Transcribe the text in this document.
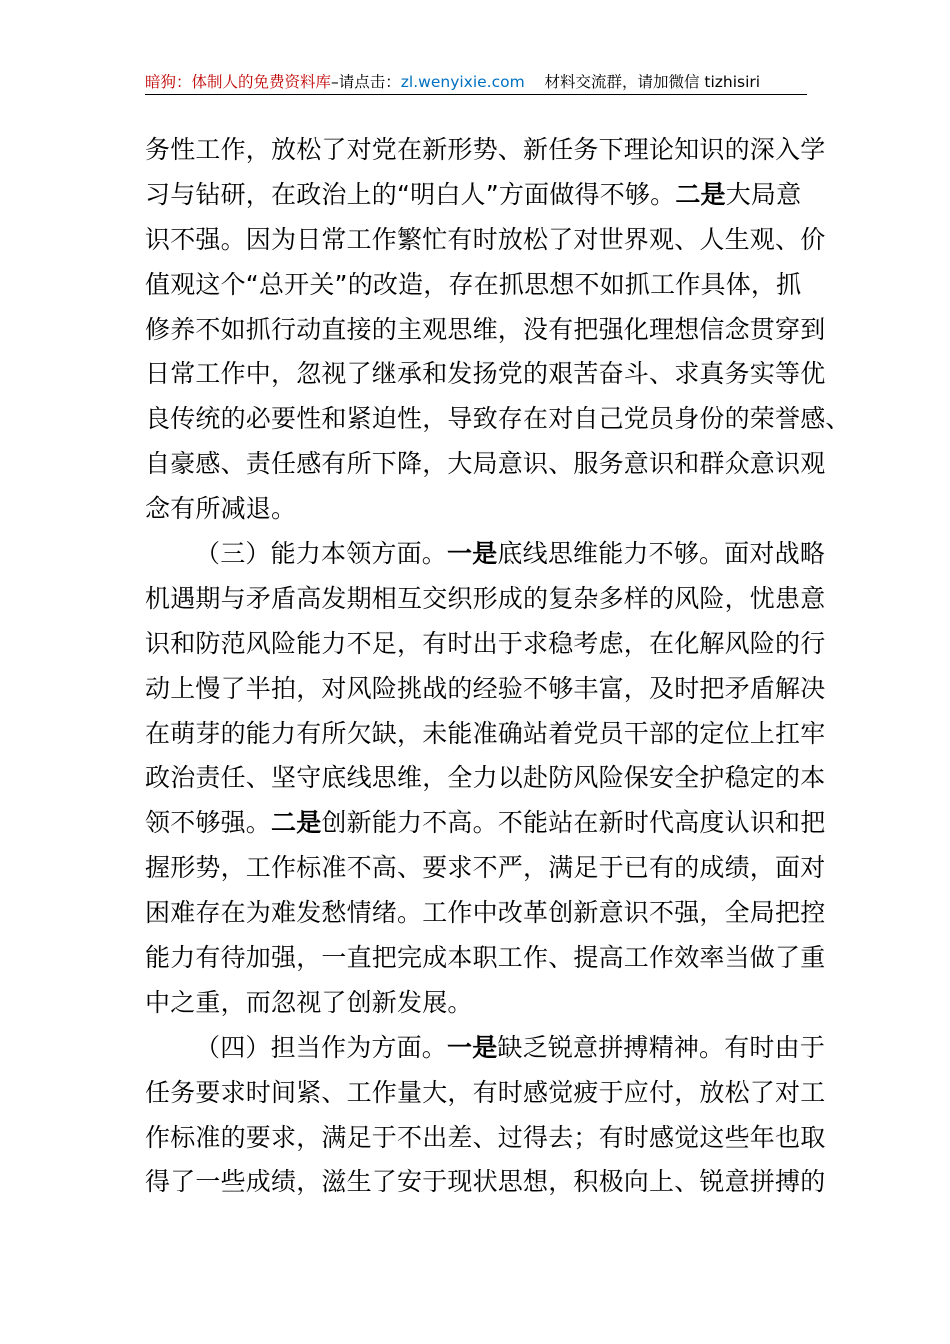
暗狗：体制人的免费资料库–请点击：zl.wenyixie.com 材料交流群，请加微信 tizhisiri
务性工作，放松了对党在新形势、新任务下理论知识的深入学
习与钻研，在政治上的“明白人”方面做得不够。二是大局意
识不强。因为日常工作繁忙有时放松了对世界观、人生观、价
值观这个“总开关”的改造，存在抓思想不如抓工作具体，抓
修养不如抓行动直接的主观思维，没有把强化理想信念贯穿到
日常工作中，忽视了继承和发扬党的艰苦奋斗、求真务实等优
良传统的必要性和紧迫性，导致存在对自己党员身份的荣誉感、
自豪感、责任感有所下降，大局意识、服务意识和群众意识观
念有所减退。
（三）能力本领方面。一是底线思维能力不够。面对战略
机遇期与矛盾高发期相互交织形成的复杂多样的风险，忧患意
识和防范风险能力不足，有时出于求稳考虑，在化解风险的行
动上慢了半拍，对风险挑战的经验不够丰富，及时把矛盾解决
在萌芽的能力有所欠缺，未能准确站着党员干部的定位上扛牢
政治责任、坚守底线思维，全力以赴防风险保安全护稳定的本
领不够强。二是创新能力不高。不能站在新时代高度认识和把
握形势，工作标准不高、要求不严，满足于已有的成绩，面对
困难存在为难发愁情绪。工作中改革创新意识不强，全局把控
能力有待加强，一直把完成本职工作、提高工作效率当做了重
中之重，而忽视了创新发展。
（四）担当作为方面。一是缺乏锐意拼搏精神。有时由于
任务要求时间紧、工作量大，有时感觉疲于应付，放松了对工
作标准的要求，满足于不出差、过得去；有时感觉这些年也取
得了一些成绩，滋生了安于现状思想，积极向上、锐意拼搏的
